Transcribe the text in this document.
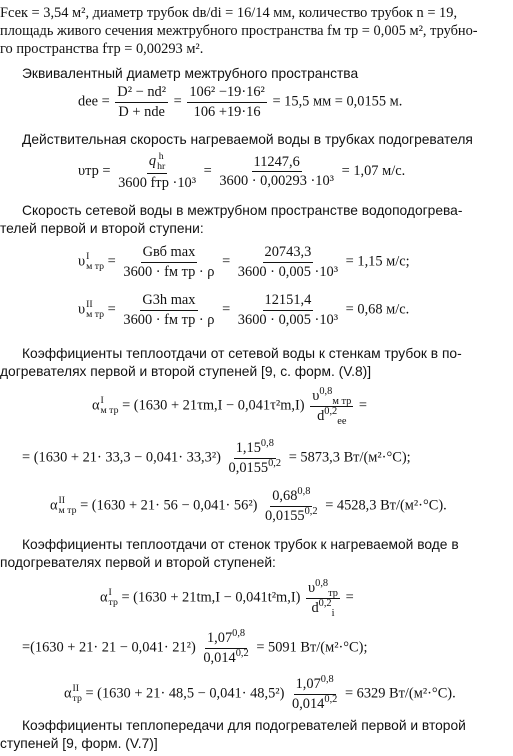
Fсек = 3,54 м², диаметр трубок dв/di = 16/14 мм, количество трубок n = 19,
площадь живого сечения межтрубного пространства fм тр = 0,005 м², трубно-
го пространства fтр = 0,00293 м².
Эквивалентный диаметр межтрубного пространства
dее = $\frac{\text{D² − nd²}}{\text{D + ndе}} = \frac{\text{106² −19·16²}}{106 +19\cdot 16} = 15,5$ мм = 0,0155 м.
Действительная скорость нагреваемой воды в трубках подогревателя
υтр = q h
hr
3600 fтр $\cdot 10^3 = \frac{11247,6}{\text{3600 · 0,00293 ·10³}} = 1,07$ м/с.
Скорость сетевой воды в межтрубном пространстве водоподогрева-
телей первой и второй ступени:
υ I
м тр = $\frac{\text{Gвб max}}{\text{3600 · fм тр · ρ}} = \frac{20743,3}{\text{3600 · 0,005 ·10³}} = 1,15$ м/с;
υ II
м тр = $\frac{\text{G3h max}}{\text{3600 · fм тр · ρ}} = \frac{12151,4}{\text{3600 · 0,005 ·10³}} = 0,68$ м/с.
Коэффициенты теплоотдачи от сетевой воды к стенкам трубок в по-
догревателях первой и второй ступеней [9, с. форм. (V.8)]
α I
м тр = $(1630 + 21\tau m,I - 0,041\tau^2m,I) \frac{\upsilon^{0,8}_{м тр}}{d^{0,2}_{ее}}$ =
= $(1630 + 21\cdot 33,3 - 0,041\cdot 33,3^2) \frac{1,15^{0,8}}{0,0155^{0,2}} = 5873,3$ Вт/(м²·°С);
α II
м тр = $(1630 + 21\cdot 56 - 0,041\cdot 56^2) \frac{0,68^{0,8}}{0,0155^{0,2}} = 4528,3$ Вт/(м²·°С).
Коэффициенты теплоотдачи от стенок трубок к нагреваемой воде в
подогревателях первой и второй ступеней:
α I
тр = $(1630 + 21tm,I - 0,041t^2m,I) \frac{\upsilon^{0,8}_{тр}}{d^{0,2}_i}$ =
$=(1630 + 21\cdot 21 - 0,041\cdot 21^2) \frac{1,07^{0,8}}{0,014^{0,2}} = 5091$ Вт/(м²·°С);
α II
тр = $(1630 + 21\cdot 48,5 - 0,041\cdot 48,5^2) \frac{1,07^{0,8}}{0,014^{0,2}} = 6329$ Вт/(м²·°С).
Коэффициенты теплопередачи для подогревателей первой и второй
ступеней [9, форм. (V.7)]
